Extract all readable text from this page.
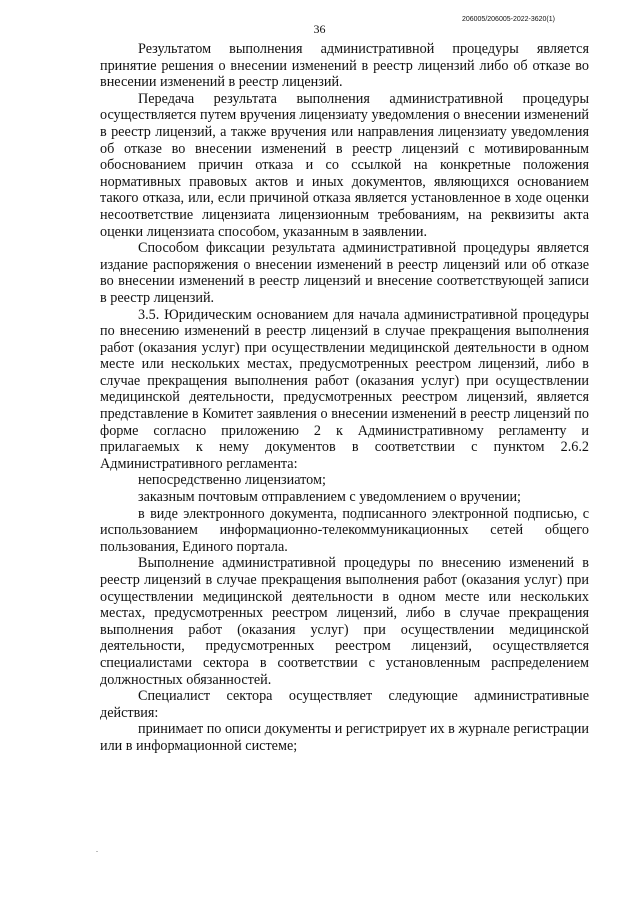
36
206005/206005-2022-3620(1)

Результатом выполнения административной процедуры является принятие решения о внесении изменений в реестр лицензий либо об отказе во внесении изменений в реестр лицензий.

Передача результата выполнения административной процедуры осуществляется путем вручения лицензиату уведомления о внесении изменений в реестр лицензий, а также вручения или направления лицензиату уведомления об отказе во внесении изменений в реестр лицензий с мотивированным обоснованием причин отказа и со ссылкой на конкретные положения нормативных правовых актов и иных документов, являющихся основанием такого отказа, или, если причиной отказа является установленное в ходе оценки несоответствие лицензиата лицензионным требованиям, на реквизиты акта оценки лицензиата способом, указанным в заявлении.

Способом фиксации результата административной процедуры является издание распоряжения о внесении изменений в реестр лицензий или об отказе во внесении изменений в реестр лицензий и внесение соответствующей записи в реестр лицензий.

3.5. Юридическим основанием для начала административной процедуры по внесению изменений в реестр лицензий в случае прекращения выполнения работ (оказания услуг) при осуществлении медицинской деятельности в одном месте или нескольких местах, предусмотренных реестром лицензий, либо в случае прекращения выполнения работ (оказания услуг) при осуществлении медицинской деятельности, предусмотренных реестром лицензий, является представление в Комитет заявления о внесении изменений в реестр лицензий по форме согласно приложению 2 к Административному регламенту и прилагаемых к нему документов в соответствии с пунктом 2.6.2 Административного регламента:

непосредственно лицензиатом;

заказным почтовым отправлением с уведомлением о вручении;

в виде электронного документа, подписанного электронной подписью, с использованием информационно-телекоммуникационных сетей общего пользования, Единого портала.

Выполнение административной процедуры по внесению изменений в реестр лицензий в случае прекращения выполнения работ (оказания услуг) при осуществлении медицинской деятельности в одном месте или нескольких местах, предусмотренных реестром лицензий, либо в случае прекращения выполнения работ (оказания услуг) при осуществлении медицинской деятельности, предусмотренных реестром лицензий, осуществляется специалистами сектора в соответствии с установленным распределением должностных обязанностей.

Специалист сектора осуществляет следующие административные действия:

принимает по описи документы и регистрирует их в журнале регистрации или в информационной системе;
